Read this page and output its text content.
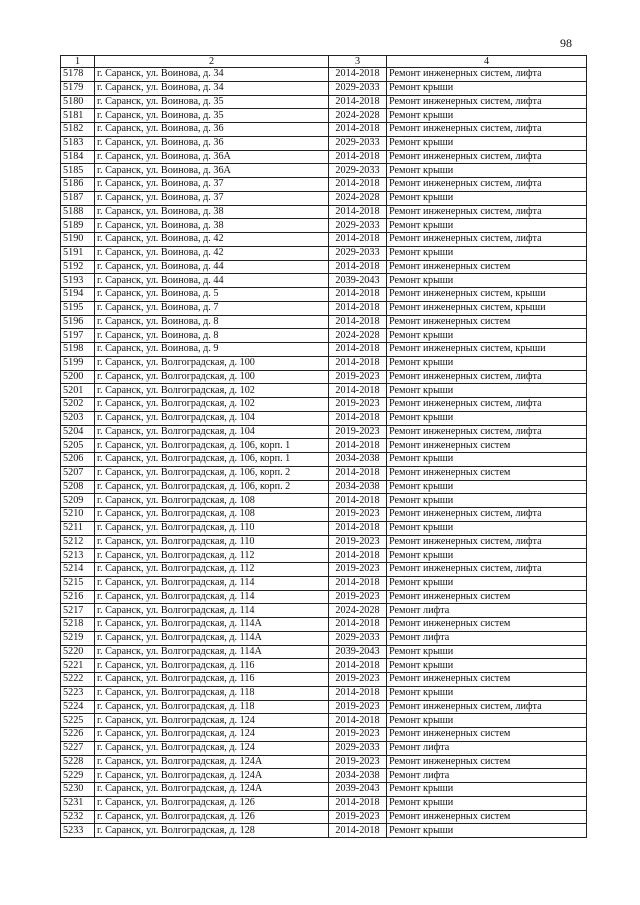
98
1	2	3	4
5178	г. Саранск, ул. Воинова, д. 34	2014-2018	Ремонт инженерных систем, лифта
5179	г. Саранск, ул. Воинова, д. 34	2029-2033	Ремонт крыши
5180	г. Саранск, ул. Воинова, д. 35	2014-2018	Ремонт инженерных систем, лифта
5181	г. Саранск, ул. Воинова, д. 35	2024-2028	Ремонт крыши
5182	г. Саранск, ул. Воинова, д. 36	2014-2018	Ремонт инженерных систем, лифта
5183	г. Саранск, ул. Воинова, д. 36	2029-2033	Ремонт крыши
5184	г. Саранск, ул. Воинова, д. 36А	2014-2018	Ремонт инженерных систем, лифта
5185	г. Саранск, ул. Воинова, д. 36А	2029-2033	Ремонт крыши
5186	г. Саранск, ул. Воинова, д. 37	2014-2018	Ремонт инженерных систем, лифта
5187	г. Саранск, ул. Воинова, д. 37	2024-2028	Ремонт крыши
5188	г. Саранск, ул. Воинова, д. 38	2014-2018	Ремонт инженерных систем, лифта
5189	г. Саранск, ул. Воинова, д. 38	2029-2033	Ремонт крыши
5190	г. Саранск, ул. Воинова, д. 42	2014-2018	Ремонт инженерных систем, лифта
5191	г. Саранск, ул. Воинова, д. 42	2029-2033	Ремонт крыши
5192	г. Саранск, ул. Воинова, д. 44	2014-2018	Ремонт инженерных систем
5193	г. Саранск, ул. Воинова, д. 44	2039-2043	Ремонт крыши
5194	г. Саранск, ул. Воинова, д. 5	2014-2018	Ремонт инженерных систем, крыши
5195	г. Саранск, ул. Воинова, д. 7	2014-2018	Ремонт инженерных систем, крыши
5196	г. Саранск, ул. Воинова, д. 8	2014-2018	Ремонт инженерных систем
5197	г. Саранск, ул. Воинова, д. 8	2024-2028	Ремонт крыши
5198	г. Саранск, ул. Воинова, д. 9	2014-2018	Ремонт инженерных систем, крыши
5199	г. Саранск, ул. Волгоградская, д. 100	2014-2018	Ремонт крыши
5200	г. Саранск, ул. Волгоградская, д. 100	2019-2023	Ремонт инженерных систем, лифта
5201	г. Саранск, ул. Волгоградская, д. 102	2014-2018	Ремонт крыши
5202	г. Саранск, ул. Волгоградская, д. 102	2019-2023	Ремонт инженерных систем, лифта
5203	г. Саранск, ул. Волгоградская, д. 104	2014-2018	Ремонт крыши
5204	г. Саранск, ул. Волгоградская, д. 104	2019-2023	Ремонт инженерных систем, лифта
5205	г. Саранск, ул. Волгоградская, д. 106, корп. 1	2014-2018	Ремонт инженерных систем
5206	г. Саранск, ул. Волгоградская, д. 106, корп. 1	2034-2038	Ремонт крыши
5207	г. Саранск, ул. Волгоградская, д. 106, корп. 2	2014-2018	Ремонт инженерных систем
5208	г. Саранск, ул. Волгоградская, д. 106, корп. 2	2034-2038	Ремонт крыши
5209	г. Саранск, ул. Волгоградская, д. 108	2014-2018	Ремонт крыши
5210	г. Саранск, ул. Волгоградская, д. 108	2019-2023	Ремонт инженерных систем, лифта
5211	г. Саранск, ул. Волгоградская, д. 110	2014-2018	Ремонт крыши
5212	г. Саранск, ул. Волгоградская, д. 110	2019-2023	Ремонт инженерных систем, лифта
5213	г. Саранск, ул. Волгоградская, д. 112	2014-2018	Ремонт крыши
5214	г. Саранск, ул. Волгоградская, д. 112	2019-2023	Ремонт инженерных систем, лифта
5215	г. Саранск, ул. Волгоградская, д. 114	2014-2018	Ремонт крыши
5216	г. Саранск, ул. Волгоградская, д. 114	2019-2023	Ремонт инженерных систем
5217	г. Саранск, ул. Волгоградская, д. 114	2024-2028	Ремонт лифта
5218	г. Саранск, ул. Волгоградская, д. 114А	2014-2018	Ремонт инженерных систем
5219	г. Саранск, ул. Волгоградская, д. 114А	2029-2033	Ремонт лифта
5220	г. Саранск, ул. Волгоградская, д. 114А	2039-2043	Ремонт крыши
5221	г. Саранск, ул. Волгоградская, д. 116	2014-2018	Ремонт крыши
5222	г. Саранск, ул. Волгоградская, д. 116	2019-2023	Ремонт инженерных систем
5223	г. Саранск, ул. Волгоградская, д. 118	2014-2018	Ремонт крыши
5224	г. Саранск, ул. Волгоградская, д. 118	2019-2023	Ремонт инженерных систем, лифта
5225	г. Саранск, ул. Волгоградская, д. 124	2014-2018	Ремонт крыши
5226	г. Саранск, ул. Волгоградская, д. 124	2019-2023	Ремонт инженерных систем
5227	г. Саранск, ул. Волгоградская, д. 124	2029-2033	Ремонт лифта
5228	г. Саранск, ул. Волгоградская, д. 124А	2019-2023	Ремонт инженерных систем
5229	г. Саранск, ул. Волгоградская, д. 124А	2034-2038	Ремонт лифта
5230	г. Саранск, ул. Волгоградская, д. 124А	2039-2043	Ремонт крыши
5231	г. Саранск, ул. Волгоградская, д. 126	2014-2018	Ремонт крыши
5232	г. Саранск, ул. Волгоградская, д. 126	2019-2023	Ремонт инженерных систем
5233	г. Саранск, ул. Волгоградская, д. 128	2014-2018	Ремонт крыши
